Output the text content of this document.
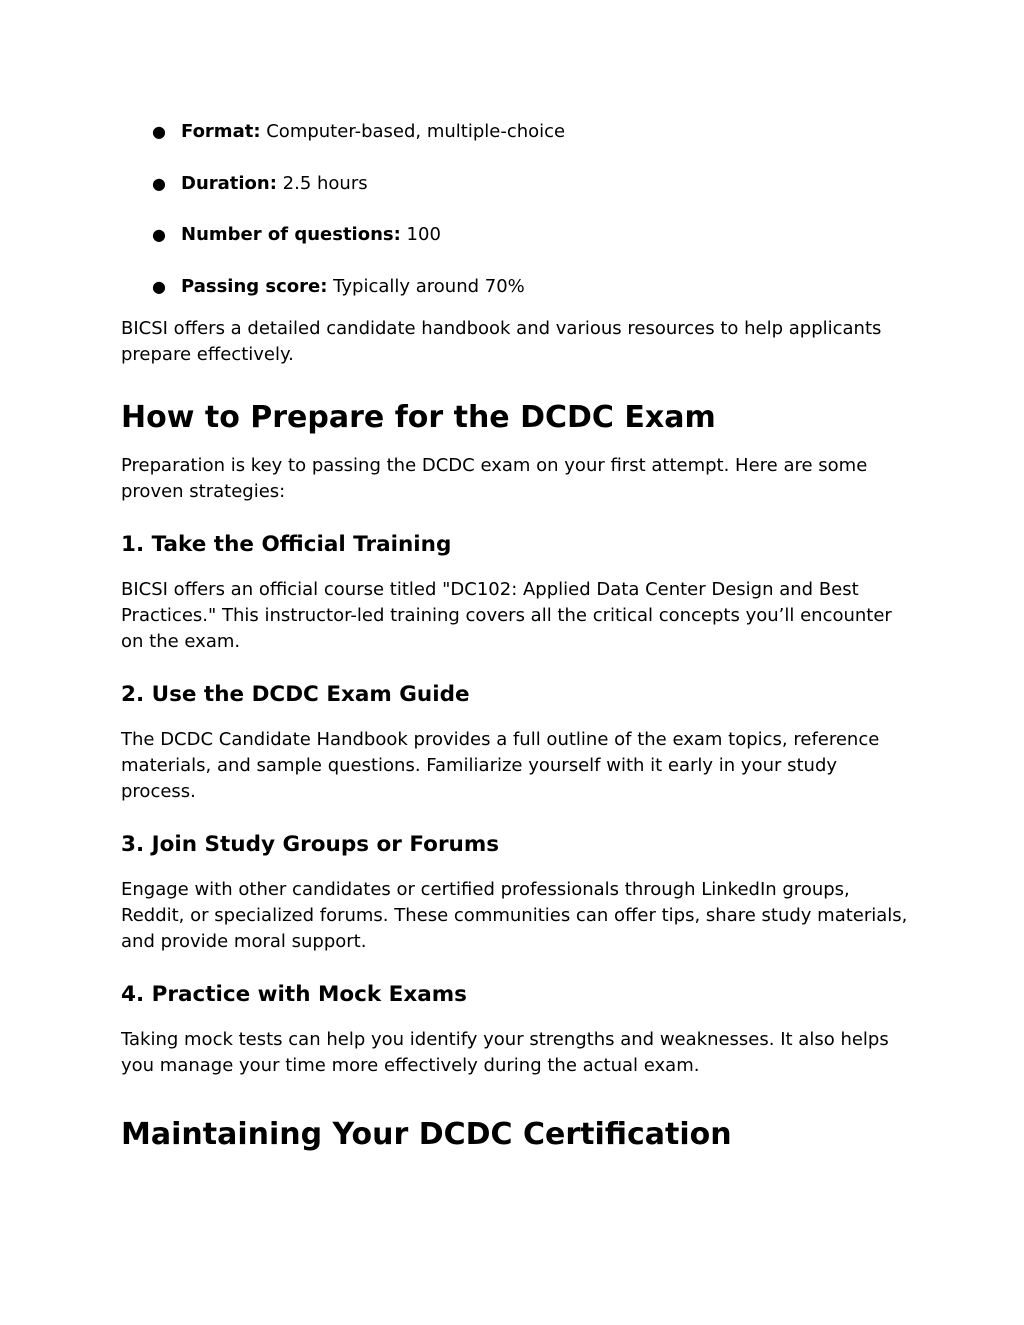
● Format: Computer-based, multiple-choice
● Duration: 2.5 hours
● Number of questions: 100
● Passing score: Typically around 70%

BICSI offers a detailed candidate handbook and various resources to help applicants prepare effectively.

How to Prepare for the DCDC Exam

Preparation is key to passing the DCDC exam on your first attempt. Here are some proven strategies:

1. Take the Official Training

BICSI offers an official course titled "DC102: Applied Data Center Design and Best Practices." This instructor-led training covers all the critical concepts you’ll encounter on the exam.

2. Use the DCDC Exam Guide

The DCDC Candidate Handbook provides a full outline of the exam topics, reference materials, and sample questions. Familiarize yourself with it early in your study process.

3. Join Study Groups or Forums

Engage with other candidates or certified professionals through LinkedIn groups, Reddit, or specialized forums. These communities can offer tips, share study materials, and provide moral support.

4. Practice with Mock Exams

Taking mock tests can help you identify your strengths and weaknesses. It also helps you manage your time more effectively during the actual exam.

Maintaining Your DCDC Certification
